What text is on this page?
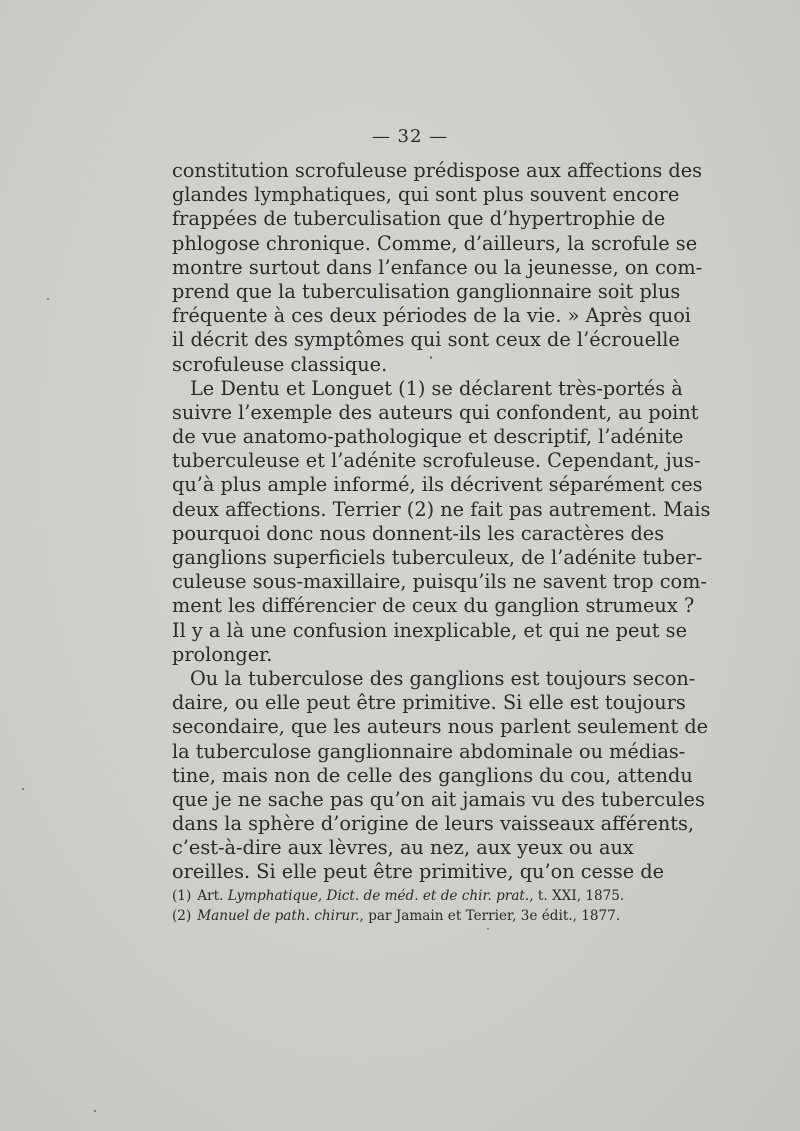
— 32 —
constitution scrofuleuse prédispose aux affections des
glandes lymphatiques, qui sont plus souvent encore
frappées de tuberculisation que d’hypertrophie de
phlogose chronique. Comme, d’ailleurs, la scrofule se
montre surtout dans l’enfance ou la jeunesse, on com-
prend que la tuberculisation ganglionnaire soit plus
fréquente à ces deux périodes de la vie. » Après quoi
il décrit des symptômes qui sont ceux de l’écrouelle
scrofuleuse classique.
Le Dentu et Longuet (1) se déclarent très-portés à
suivre l’exemple des auteurs qui confondent, au point
de vue anatomo-pathologique et descriptif, l’adénite
tuberculeuse et l’adénite scrofuleuse. Cependant, jus-
qu’à plus ample informé, ils décrivent séparément ces
deux affections. Terrier (2) ne fait pas autrement. Mais
pourquoi donc nous donnent-ils les caractères des
ganglions superficiels tuberculeux, de l’adénite tuber-
culeuse sous-maxillaire, puisqu’ils ne savent trop com-
ment les différencier de ceux du ganglion strumeux ?
Il y a là une confusion inexplicable, et qui ne peut se
prolonger.
Ou la tuberculose des ganglions est toujours secon-
daire, ou elle peut être primitive. Si elle est toujours
secondaire, que les auteurs nous parlent seulement de
la tuberculose ganglionnaire abdominale ou médias-
tine, mais non de celle des ganglions du cou, attendu
que je ne sache pas qu’on ait jamais vu des tubercules
dans la sphère d’origine de leurs vaisseaux afférents,
c’est-à-dire aux lèvres, au nez, aux yeux ou aux
oreilles. Si elle peut être primitive, qu’on cesse de
(1) Art. Lymphatique, Dict. de méd. et de chir. prat., t. XXI, 1875.
(2) Manuel de path. chirur., par Jamain et Terrier, 3e édit., 1877.
